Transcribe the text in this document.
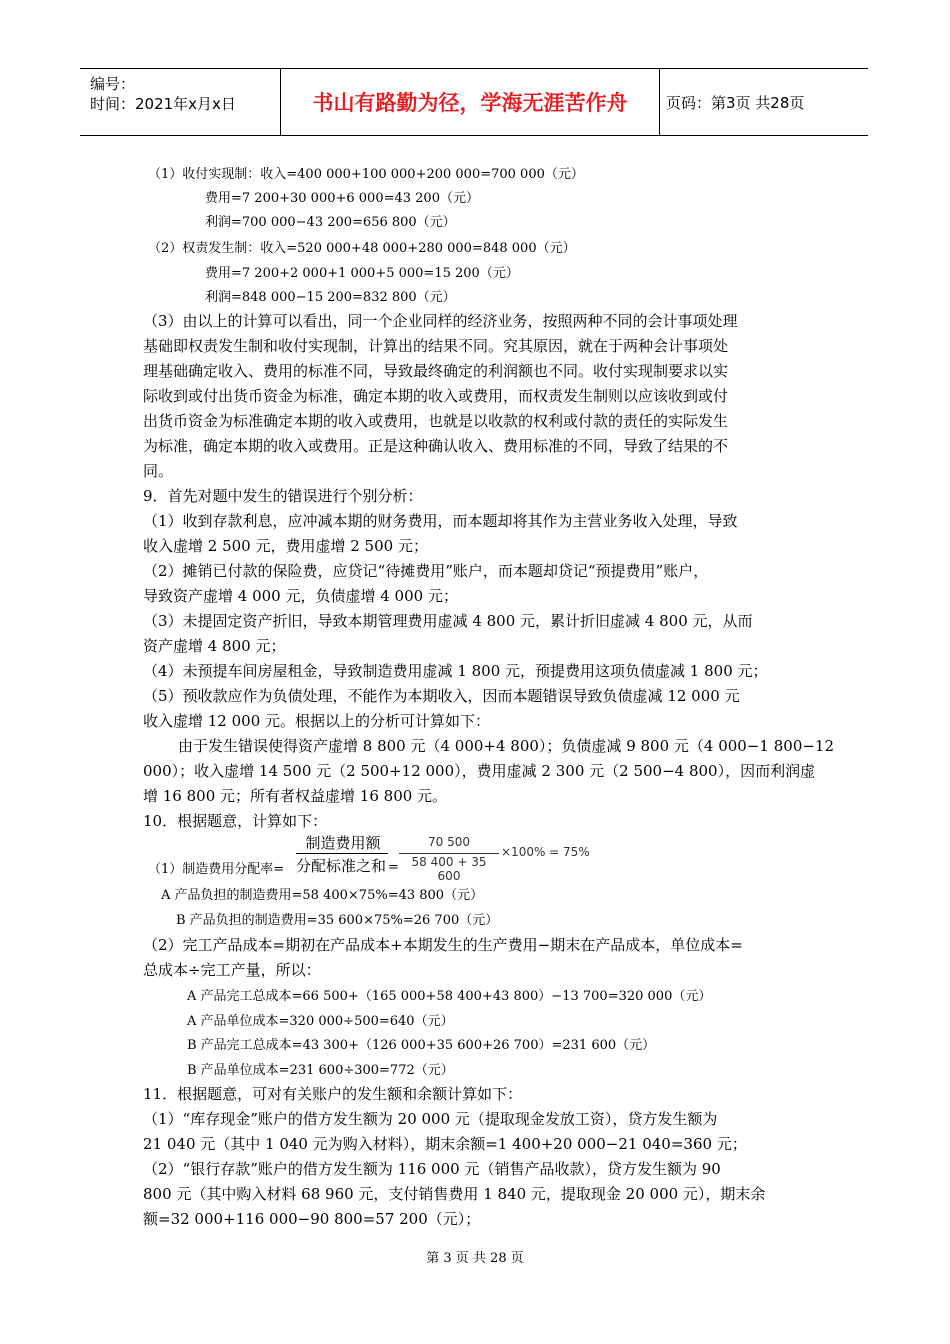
编号：
时间：2021年x月x日	书山有路勤为径，学海无涯苦作舟	页码：第3页 共28页
（1）收付实现制：收入=400 000+100 000+200 000=700 000（元）
费用=7 200+30 000+6 000=43 200（元）
利润=700 000−43 200=656 800（元）
（2）权责发生制：收入=520 000+48 000+280 000=848 000（元）
费用=7 200+2 000+1 000+5 000=15 200（元）
利润=848 000−15 200=832 800（元）
（3）由以上的计算可以看出，同一个企业同样的经济业务，按照两种不同的会计事项处理
基础即权责发生制和收付实现制，计算出的结果不同。究其原因，就在于两种会计事项处
理基础确定收入、费用的标准不同，导致最终确定的利润额也不同。收付实现制要求以实
际收到或付出货币资金为标准，确定本期的收入或费用，而权责发生制则以应该收到或付
出货币资金为标准确定本期的收入或费用，也就是以收款的权利或付款的责任的实际发生
为标准，确定本期的收入或费用。正是这种确认收入、费用标准的不同，导致了结果的不
同。
9．首先对题中发生的错误进行个别分析：
（1）收到存款利息，应冲减本期的财务费用，而本题却将其作为主营业务收入处理，导致
收入虚增 2 500 元，费用虚增 2 500 元；
（2）摊销已付款的保险费，应贷记“待摊费用”账户，而本题却贷记“预提费用”账户，
导致资产虚增 4 000 元，负债虚增 4 000 元；
（3）未提固定资产折旧，导致本期管理费用虚减 4 800 元，累计折旧虚减 4 800 元，从而
资产虚增 4 800 元；
（4）未预提车间房屋租金，导致制造费用虚减 1 800 元，预提费用这项负债虚减 1 800 元；
（5）预收款应作为负债处理，不能作为本期收入，因而本题错误导致负债虚减 12 000 元
收入虚增 12 000 元。根据以上的分析可计算如下：
由于发生错误使得资产虚增 8 800 元（4 000+4 800）；负债虚减 9 800 元（4 000−1 800−12
000）；收入虚增 14 500 元（2 500+12 000），费用虚减 2 300 元（2 500−4 800），因而利润虚
增 16 800 元；所有者权益虚增 16 800 元。
10．根据题意，计算如下：
（1）制造费用分配率=
制造费用额
分配标准之和 =
70 500
58 400 + 35 600
×100% = 75%
A 产品负担的制造费用=58 400×75%=43 800（元）
B 产品负担的制造费用=35 600×75%=26 700（元）
（2）完工产品成本=期初在产品成本+本期发生的生产费用−期末在产品成本，单位成本=
总成本÷完工产量，所以：
A 产品完工总成本=66 500+（165 000+58 400+43 800）−13 700=320 000（元）
A 产品单位成本=320 000÷500=640（元）
B 产品完工总成本=43 300+（126 000+35 600+26 700）=231 600（元）
B 产品单位成本=231 600÷300=772（元）
11．根据题意，可对有关账户的发生额和余额计算如下：
（1）“库存现金”账户的借方发生额为 20 000 元（提取现金发放工资），贷方发生额为
21 040 元（其中 1 040 元为购入材料），期末余额=1 400+20 000−21 040=360 元；
（2）“银行存款”账户的借方发生额为 116 000 元（销售产品收款），贷方发生额为 90
800 元（其中购入材料 68 960 元，支付销售费用 1 840 元，提取现金 20 000 元），期末余
额=32 000+116 000−90 800=57 200（元）；
第 3 页 共 28 页
